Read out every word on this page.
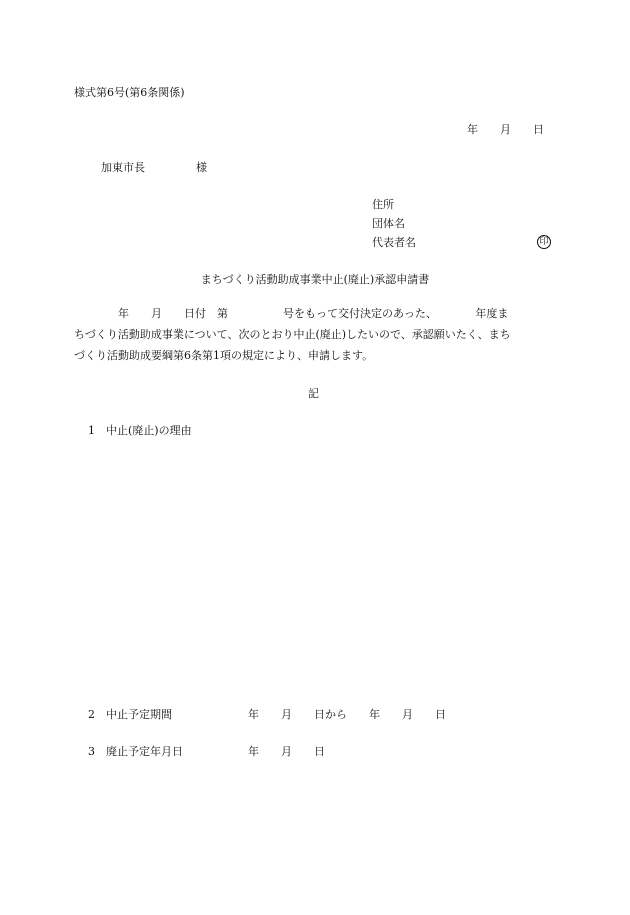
様式第6号(第6条関係)
年　　月　　日
加東市長	様
住所
団体名
代表者名	印
まちづくり活動助成事業中止(廃止)承認申請書
　　　　年　　月　　日付　第　　　　　号をもって交付決定のあった、　　　　年度ま
ちづくり活動助成事業について、次のとおり中止(廃止)したいので、承認願いたく、まち
づくり活動助成要綱第6条第1項の規定により、申請します。
記
1 中止(廃止)の理由
2 中止予定期間	年　　月　　日から　　年　　月　　日
3 廃止予定年月日	年　　月　　日
